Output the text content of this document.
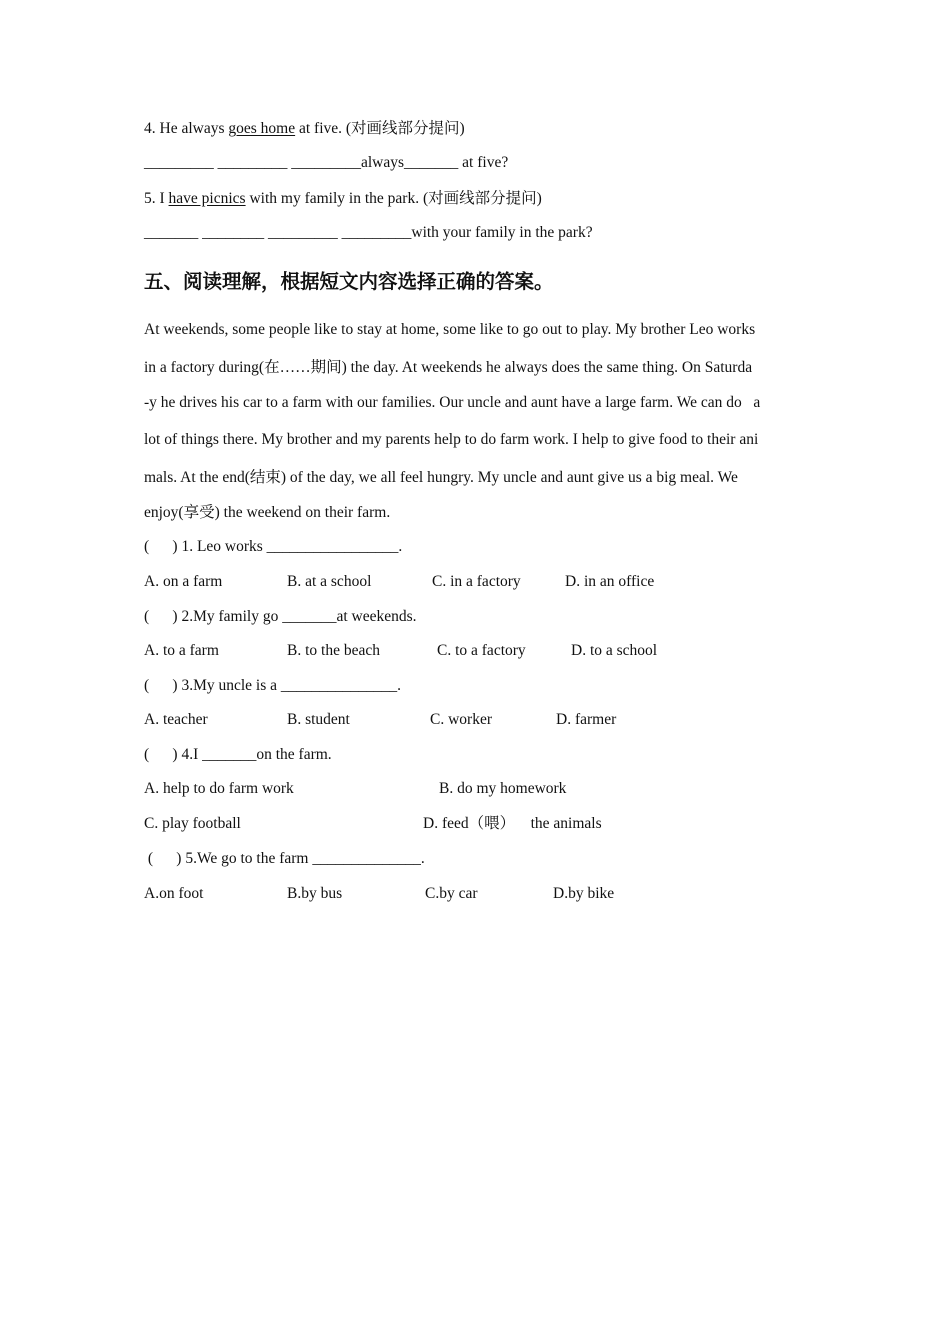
4. He always goes home at five. (对画线部分提问)
_________ _________ _________always_______ at five?
5. I have picnics with my family in the park. (对画线部分提问)
_______ ________ _________ _________with your family in the park?
五、阅读理解，根据短文内容选择正确的答案。
At weekends, some people like to stay at home, some like to go out to play. My brother Leo works
in a factory during(在……期间) the day. At weekends he always does the same thing. On Saturda
-y he drives his car to a farm with our families. Our uncle and aunt have a large farm. We can do   a
lot of things there. My brother and my parents help to do farm work. I help to give food to their ani
mals. At the end(结束) of the day, we all feel hungry. My uncle and aunt give us a big meal. We
enjoy(享受) the weekend on their farm.
(      ) 1. Leo works _________________.
A. on a farm	B. at a school	C. in a factory	D. in an office
(      ) 2.My family go _______at weekends.
A. to a farm	B. to the beach	C. to a factory	D. to a school
(      ) 3.My uncle is a _______________.
A. teacher	B. student	C. worker	D. farmer
(      ) 4.I _______on the farm.
A. help to do farm work	B. do my homework
C. play football	D. feed（喂）    the animals
(      ) 5.We go to the farm ______________.
A.on foot	B.by bus	C.by car	D.by bike
